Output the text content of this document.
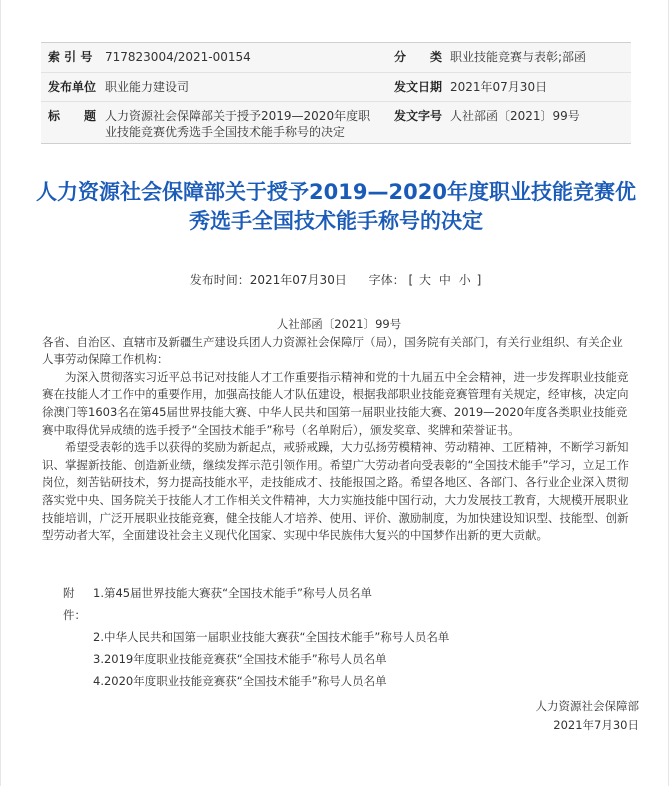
索 引 号	717823004/2021-00154	分　　类 职业技能竞赛与表彰;部函
发布单位 职业能力建设司	发文日期 2021年07月30日
标　　题 人力资源社会保障部关于授予2019—2020年度职业技能竞赛优秀选手全国技术能手称号的决定
发文字号 人社部函〔2021〕99号
人力资源社会保障部关于授予2019—2020年度职业技能竞赛优秀选手全国技术能手称号的决定
发布时间：2021年07月30日 字体： [ 大 中 小 ]

人社部函〔2021〕99号

各省、自治区、直辖市及新疆生产建设兵团人力资源社会保障厅（局），国务院有关部门，有关行业组织、有关企业人事劳动保障工作机构：

为深入贯彻落实习近平总书记对技能人才工作重要指示精神和党的十九届五中全会精神，进一步发挥职业技能竞赛在技能人才工作中的重要作用，加强高技能人才队伍建设，根据我部职业技能竞赛管理有关规定，经审核，决定向徐澳门等1603名在第45届世界技能大赛、中华人民共和国第一届职业技能大赛、2019—2020年度各类职业技能竞赛中取得优异成绩的选手授予“全国技术能手”称号（名单附后），颁发奖章、奖牌和荣誉证书。

希望受表彰的选手以获得的奖励为新起点，戒骄戒躁，大力弘扬劳模精神、劳动精神、工匠精神，不断学习新知识、掌握新技能、创造新业绩，继续发挥示范引领作用。希望广大劳动者向受表彰的“全国技术能手”学习，立足工作岗位，刻苦钻研技术，努力提高技能水平，走技能成才、技能报国之路。希望各地区、各部门、各行业企业深入贯彻落实党中央、国务院关于技能人才工作相关文件精神，大力实施技能中国行动，大力发展技工教育，大规模开展职业技能培训，广泛开展职业技能竞赛，健全技能人才培养、使用、评价、激励制度，为加快建设知识型、技能型、创新型劳动者大军，全面建设社会主义现代化国家、实现中华民族伟大复兴的中国梦作出新的更大贡献。

附件：
1.第45届世界技能大赛获“全国技术能手”称号人员名单
2.中华人民共和国第一届职业技能大赛获“全国技术能手”称号人员名单
3.2019年度职业技能竞赛获“全国技术能手”称号人员名单
4.2020年度职业技能竞赛获“全国技术能手”称号人员名单
人力资源社会保障部
2021年7月30日
